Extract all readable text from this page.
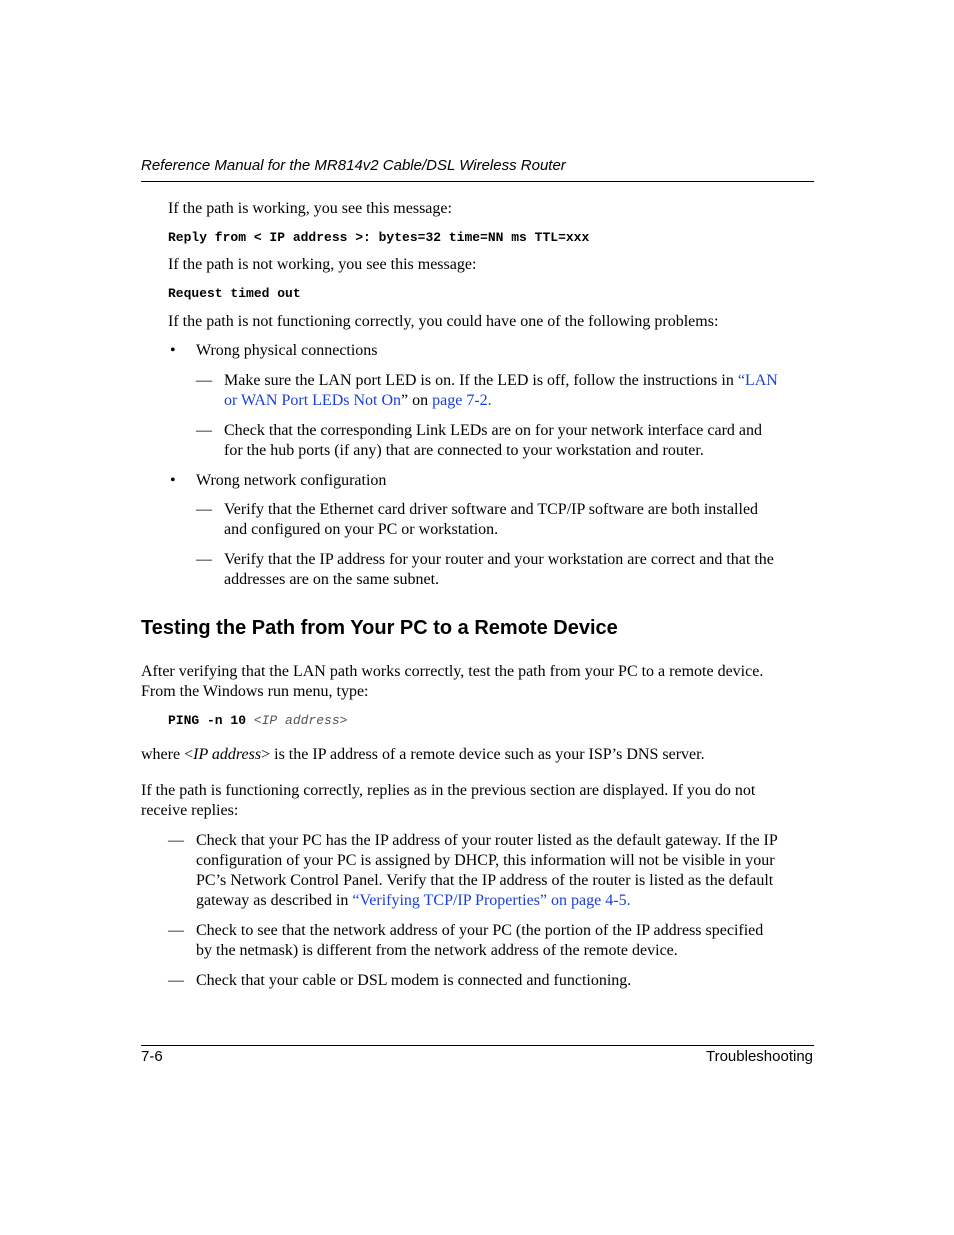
Reference Manual for the MR814v2 Cable/DSL Wireless Router
If the path is working, you see this message:
Reply from < IP address >: bytes=32 time=NN ms TTL=xxx
If the path is not working, you see this message:
Request timed out
If the path is not functioning correctly, you could have one of the following problems:
• Wrong physical connections
— Make sure the LAN port LED is on. If the LED is off, follow the instructions in “LAN
or WAN Port LEDs Not On” on page 7-2.
— Check that the corresponding Link LEDs are on for your network interface card and
for the hub ports (if any) that are connected to your workstation and router.
• Wrong network configuration
— Verify that the Ethernet card driver software and TCP/IP software are both installed
and configured on your PC or workstation.
— Verify that the IP address for your router and your workstation are correct and that the
addresses are on the same subnet.
Testing the Path from Your PC to a Remote Device
After verifying that the LAN path works correctly, test the path from your PC to a remote device.
From the Windows run menu, type:
PING -n 10 <IP address>
where <IP address> is the IP address of a remote device such as your ISP’s DNS server.
If the path is functioning correctly, replies as in the previous section are displayed. If you do not
receive replies:
— Check that your PC has the IP address of your router listed as the default gateway. If the IP
configuration of your PC is assigned by DHCP, this information will not be visible in your
PC’s Network Control Panel. Verify that the IP address of the router is listed as the default
gateway as described in “Verifying TCP/IP Properties” on page 4-5.
— Check to see that the network address of your PC (the portion of the IP address specified
by the netmask) is different from the network address of the remote device.
— Check that your cable or DSL modem is connected and functioning.
7-6	Troubleshooting
